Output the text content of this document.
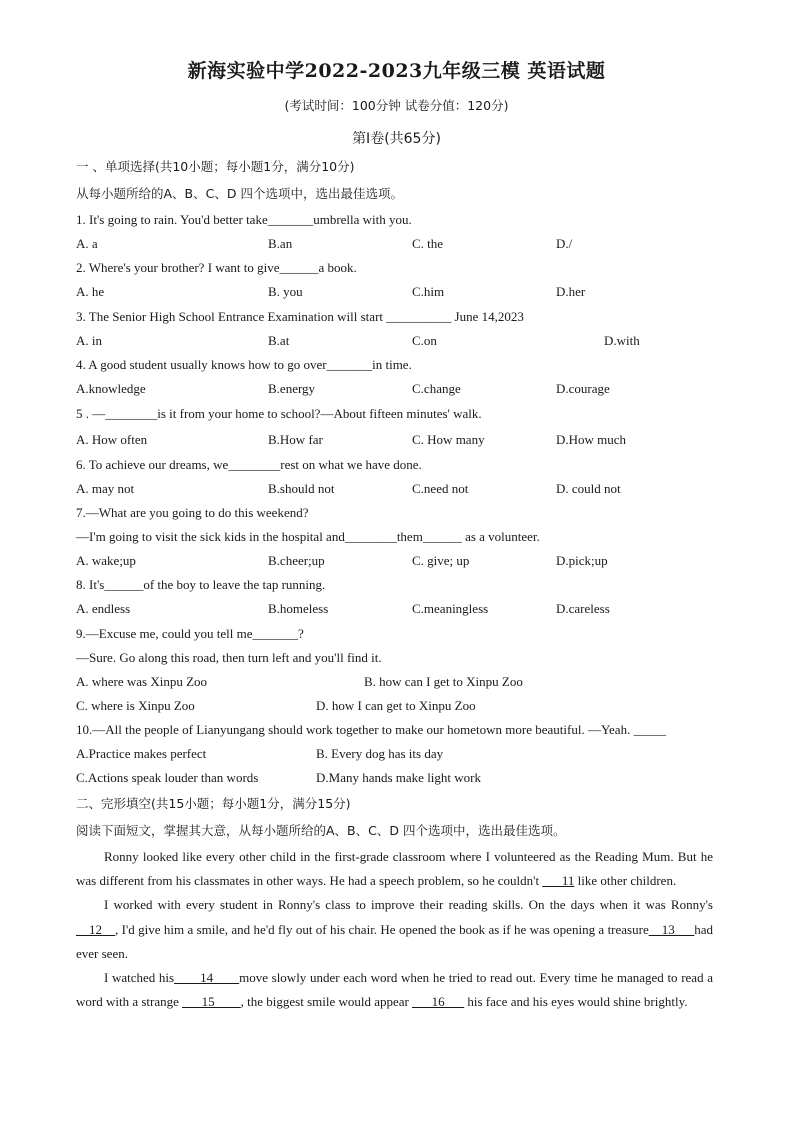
新海实验中学2022-2023九年级三模 英语试题
(考试时间：100分钟 试卷分值：120分)
第I卷(共65分)
一 、单项选择(共10小题；每小题1分，满分10分)
从每小题所给的A、B、C、D 四个选项中，选出最佳选项。
1. It's going to rain. You'd better take_______umbrella with you.
A. a	B.an	C. the	D./
2. Where's your brother? I want to give______a book.
A. he	B. you	C.him	D.her
3. The Senior High School Entrance Examination will start __________ June 14,2023
A. in	B.at	C.on	D.with
4. A good student usually knows how to go over_______in time.
A.knowledge	B.energy	C.change	D.courage
5 . —________is it from your home to school?—About fifteen minutes' walk.
A. How often	B.How far	C. How many	D.How much
6. To achieve our dreams, we________rest on what we have done.
A. may not	B.should not	C.need not	D. could not
7.—What are you going to do this weekend?
—I'm going to visit the sick kids in the hospital and________them______ as a volunteer.
A. wake;up	B.cheer;up	C. give; up	D.pick;up
8. It's______of the boy to leave the tap running.
A. endless	B.homeless	C.meaningless	D.careless
9.—Excuse me, could you tell me_______?
—Sure. Go along this road, then turn left and you'll find it.
A. where was Xinpu Zoo	B. how can I get to Xinpu Zoo
C. where is Xinpu Zoo	D. how I can get to Xinpu Zoo
10.—All the people of Lianyungang should work together to make our hometown more beautiful. —Yeah. _____
A.Practice makes perfect	B. Every dog has its day
C.Actions speak louder than words	D.Many hands make light work
二、完形填空(共15小题；每小题1分，满分15分)
阅读下面短文，掌握其大意，从每小题所给的A、B、C、D 四个选项中，选出最佳选项。

Ronny looked like every other child in the first-grade classroom where I volunteered as the Reading Mum. But he was different from his classmates in other ways. He had a speech problem, so he couldn't ___11 like other children.

I worked with every student in Ronny's class to improve their reading skills. On the days when it was Ronny's __12__, I'd give him a smile, and he'd fly out of his chair. He opened the book as if he was opening a treasure__13___had ever seen.

I watched his____14____move slowly under each word when he tried to read out. Every time he managed to read a word with a strange ___15____, the biggest smile would appear ___16___ his face and his eyes would shine brightly.
